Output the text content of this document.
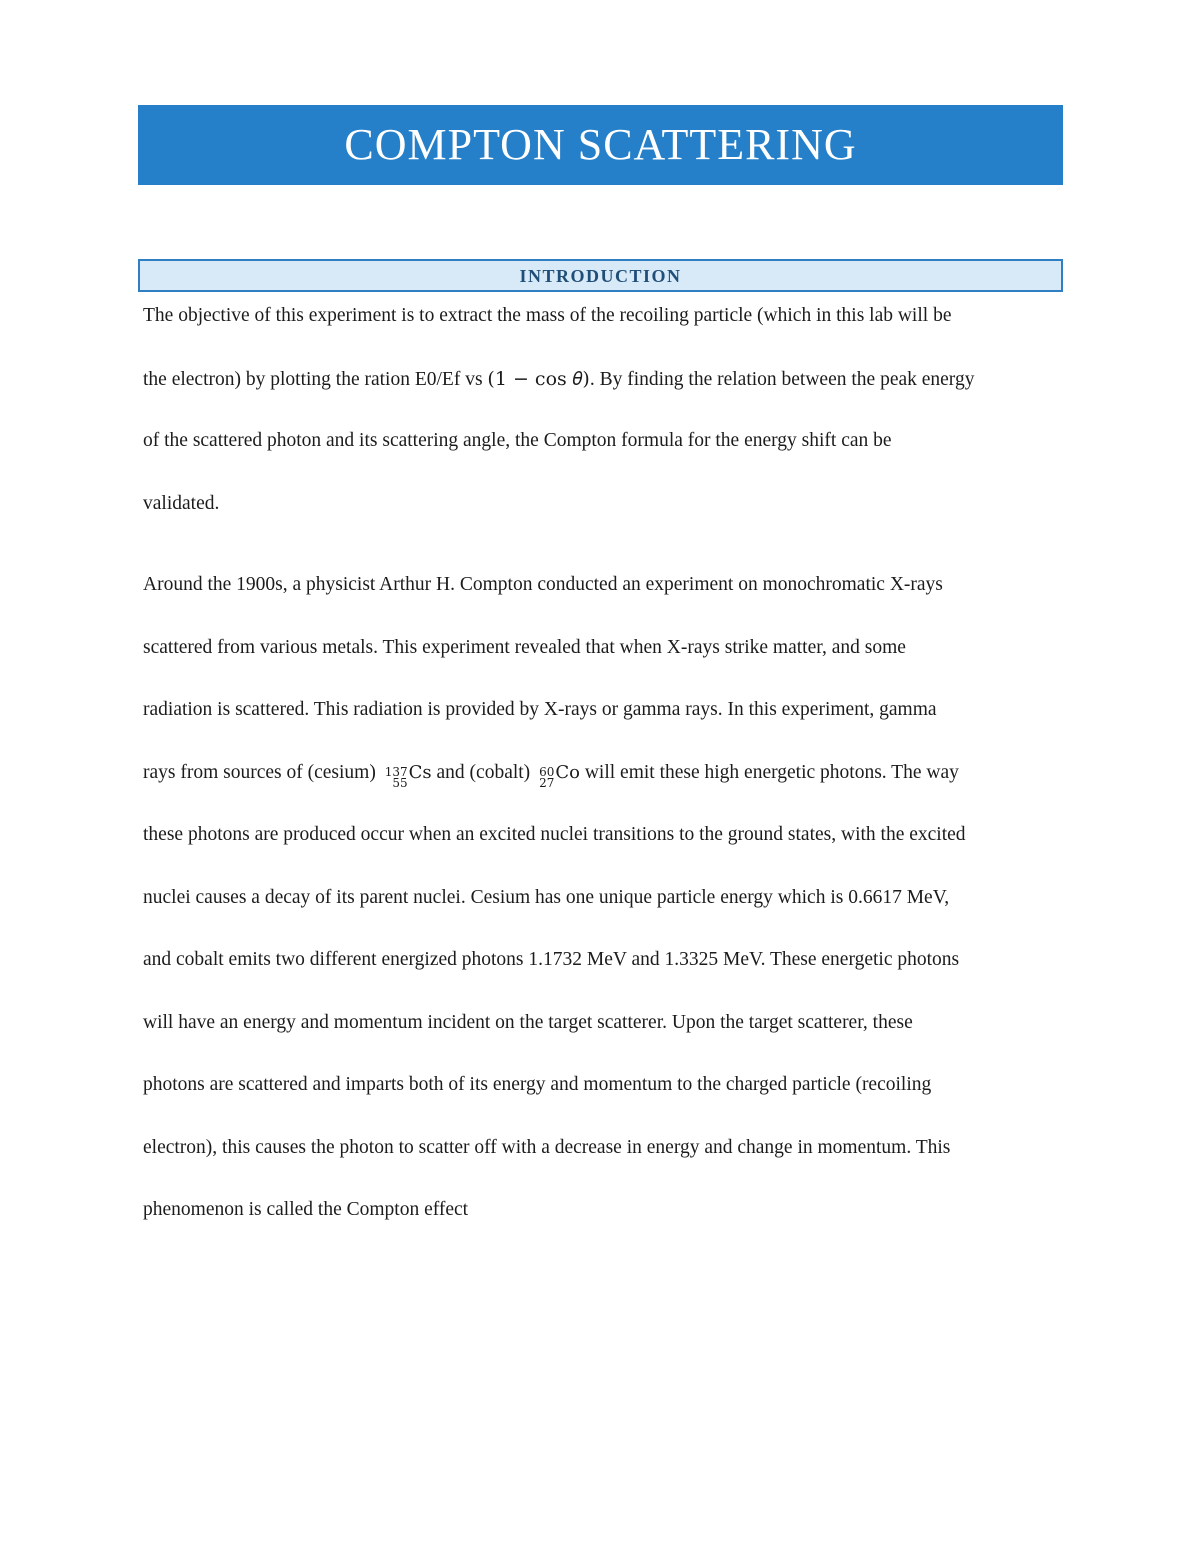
COMPTON SCATTERING
INTRODUCTION
The objective of this experiment is to extract the mass of the recoiling particle (which in this lab will be
the electron) by plotting the ration E0/Ef vs (1 − cos 𝜃). By finding the relation between the peak energy
of the scattered photon and its scattering angle, the Compton formula for the energy shift can be
validated.
Around the 1900s, a physicist Arthur H. Compton conducted an experiment on monochromatic X-rays
scattered from various metals. This experiment revealed that when X-rays strike matter, and some
radiation is scattered. This radiation is provided by X-rays or gamma rays. In this experiment, gamma
rays from sources of (cesium) 137
55 Cs and (cobalt) 60
27 Co will emit these high energetic photons. The way
these photons are produced occur when an excited nuclei transitions to the ground states, with the excited
nuclei causes a decay of its parent nuclei. Cesium has one unique particle energy which is 0.6617 MeV,
and cobalt emits two different energized photons 1.1732 MeV and 1.3325 MeV. These energetic photons
will have an energy and momentum incident on the target scatterer. Upon the target scatterer, these
photons are scattered and imparts both of its energy and momentum to the charged particle (recoiling
electron), this causes the photon to scatter off with a decrease in energy and change in momentum. This
phenomenon is called the Compton effect
